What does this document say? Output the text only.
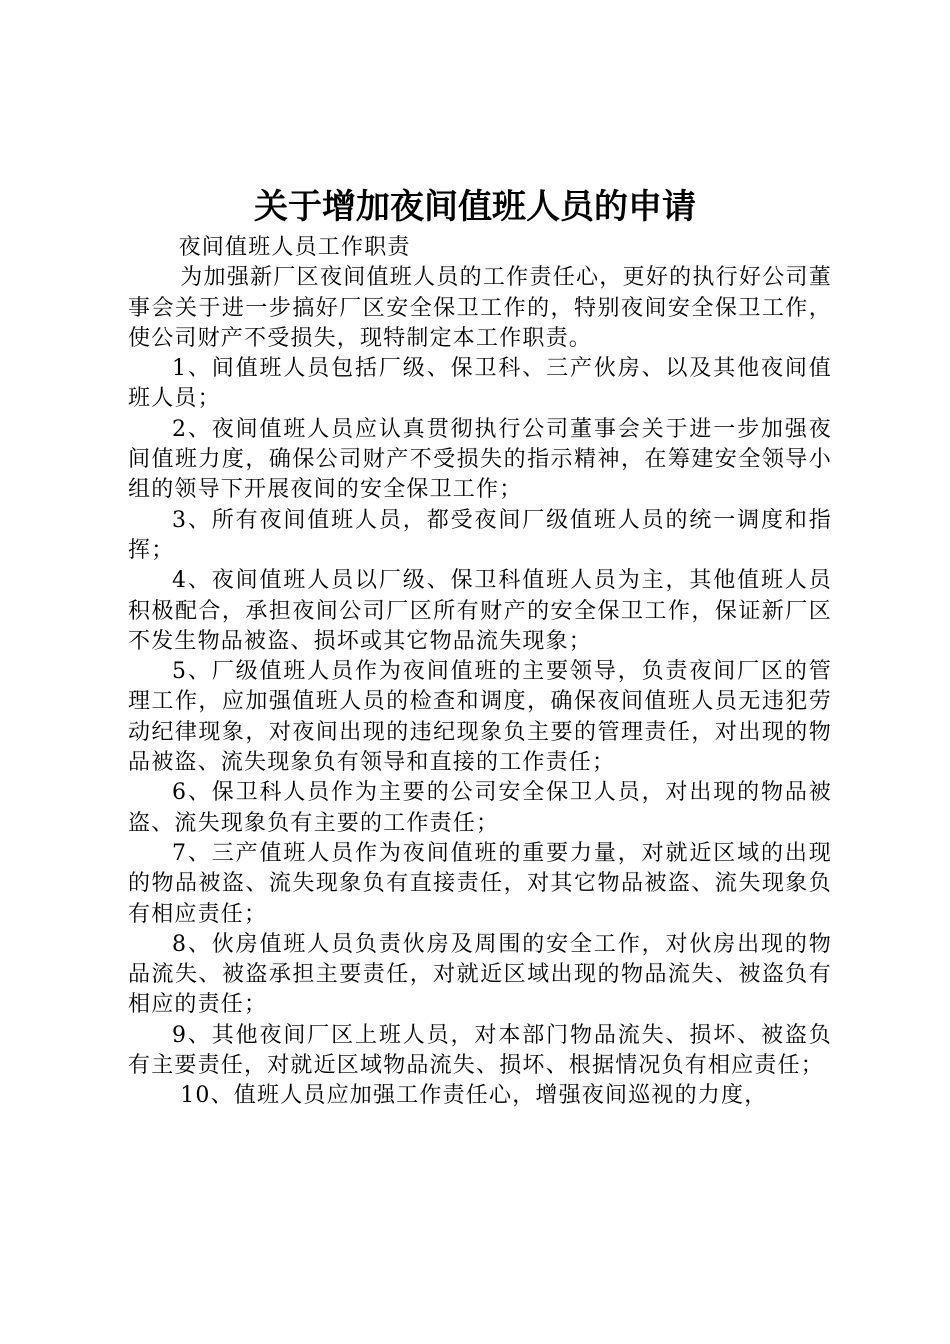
关于增加夜间值班人员的申请

夜间值班人员工作职责

为加强新厂区夜间值班人员的工作责任心，更好的执行好公司董事会关于进一步搞好厂区安全保卫工作的，特别夜间安全保卫工作，使公司财产不受损失，现特制定本工作职责。

1、间值班人员包括厂级、保卫科、三产伙房、以及其他夜间值班人员；

2、夜间值班人员应认真贯彻执行公司董事会关于进一步加强夜间值班力度，确保公司财产不受损失的指示精神，在筹建安全领导小组的领导下开展夜间的安全保卫工作；

3、所有夜间值班人员，都受夜间厂级值班人员的统一调度和指挥；

4、夜间值班人员以厂级、保卫科值班人员为主，其他值班人员积极配合，承担夜间公司厂区所有财产的安全保卫工作，保证新厂区不发生物品被盗、损坏或其它物品流失现象；

5、厂级值班人员作为夜间值班的主要领导，负责夜间厂区的管理工作，应加强值班人员的检查和调度，确保夜间值班人员无违犯劳动纪律现象，对夜间出现的违纪现象负主要的管理责任，对出现的物品被盗、流失现象负有领导和直接的工作责任；

6、保卫科人员作为主要的公司安全保卫人员，对出现的物品被盗、流失现象负有主要的工作责任；

7、三产值班人员作为夜间值班的重要力量，对就近区域的出现的物品被盗、流失现象负有直接责任，对其它物品被盗、流失现象负有相应责任；

8、伙房值班人员负责伙房及周围的安全工作，对伙房出现的物品流失、被盗承担主要责任，对就近区域出现的物品流失、被盗负有相应的责任；

9、其他夜间厂区上班人员，对本部门物品流失、损坏、被盗负有主要责任，对就近区域物品流失、损坏、根据情况负有相应责任；

10、值班人员应加强工作责任心，增强夜间巡视的力度，
